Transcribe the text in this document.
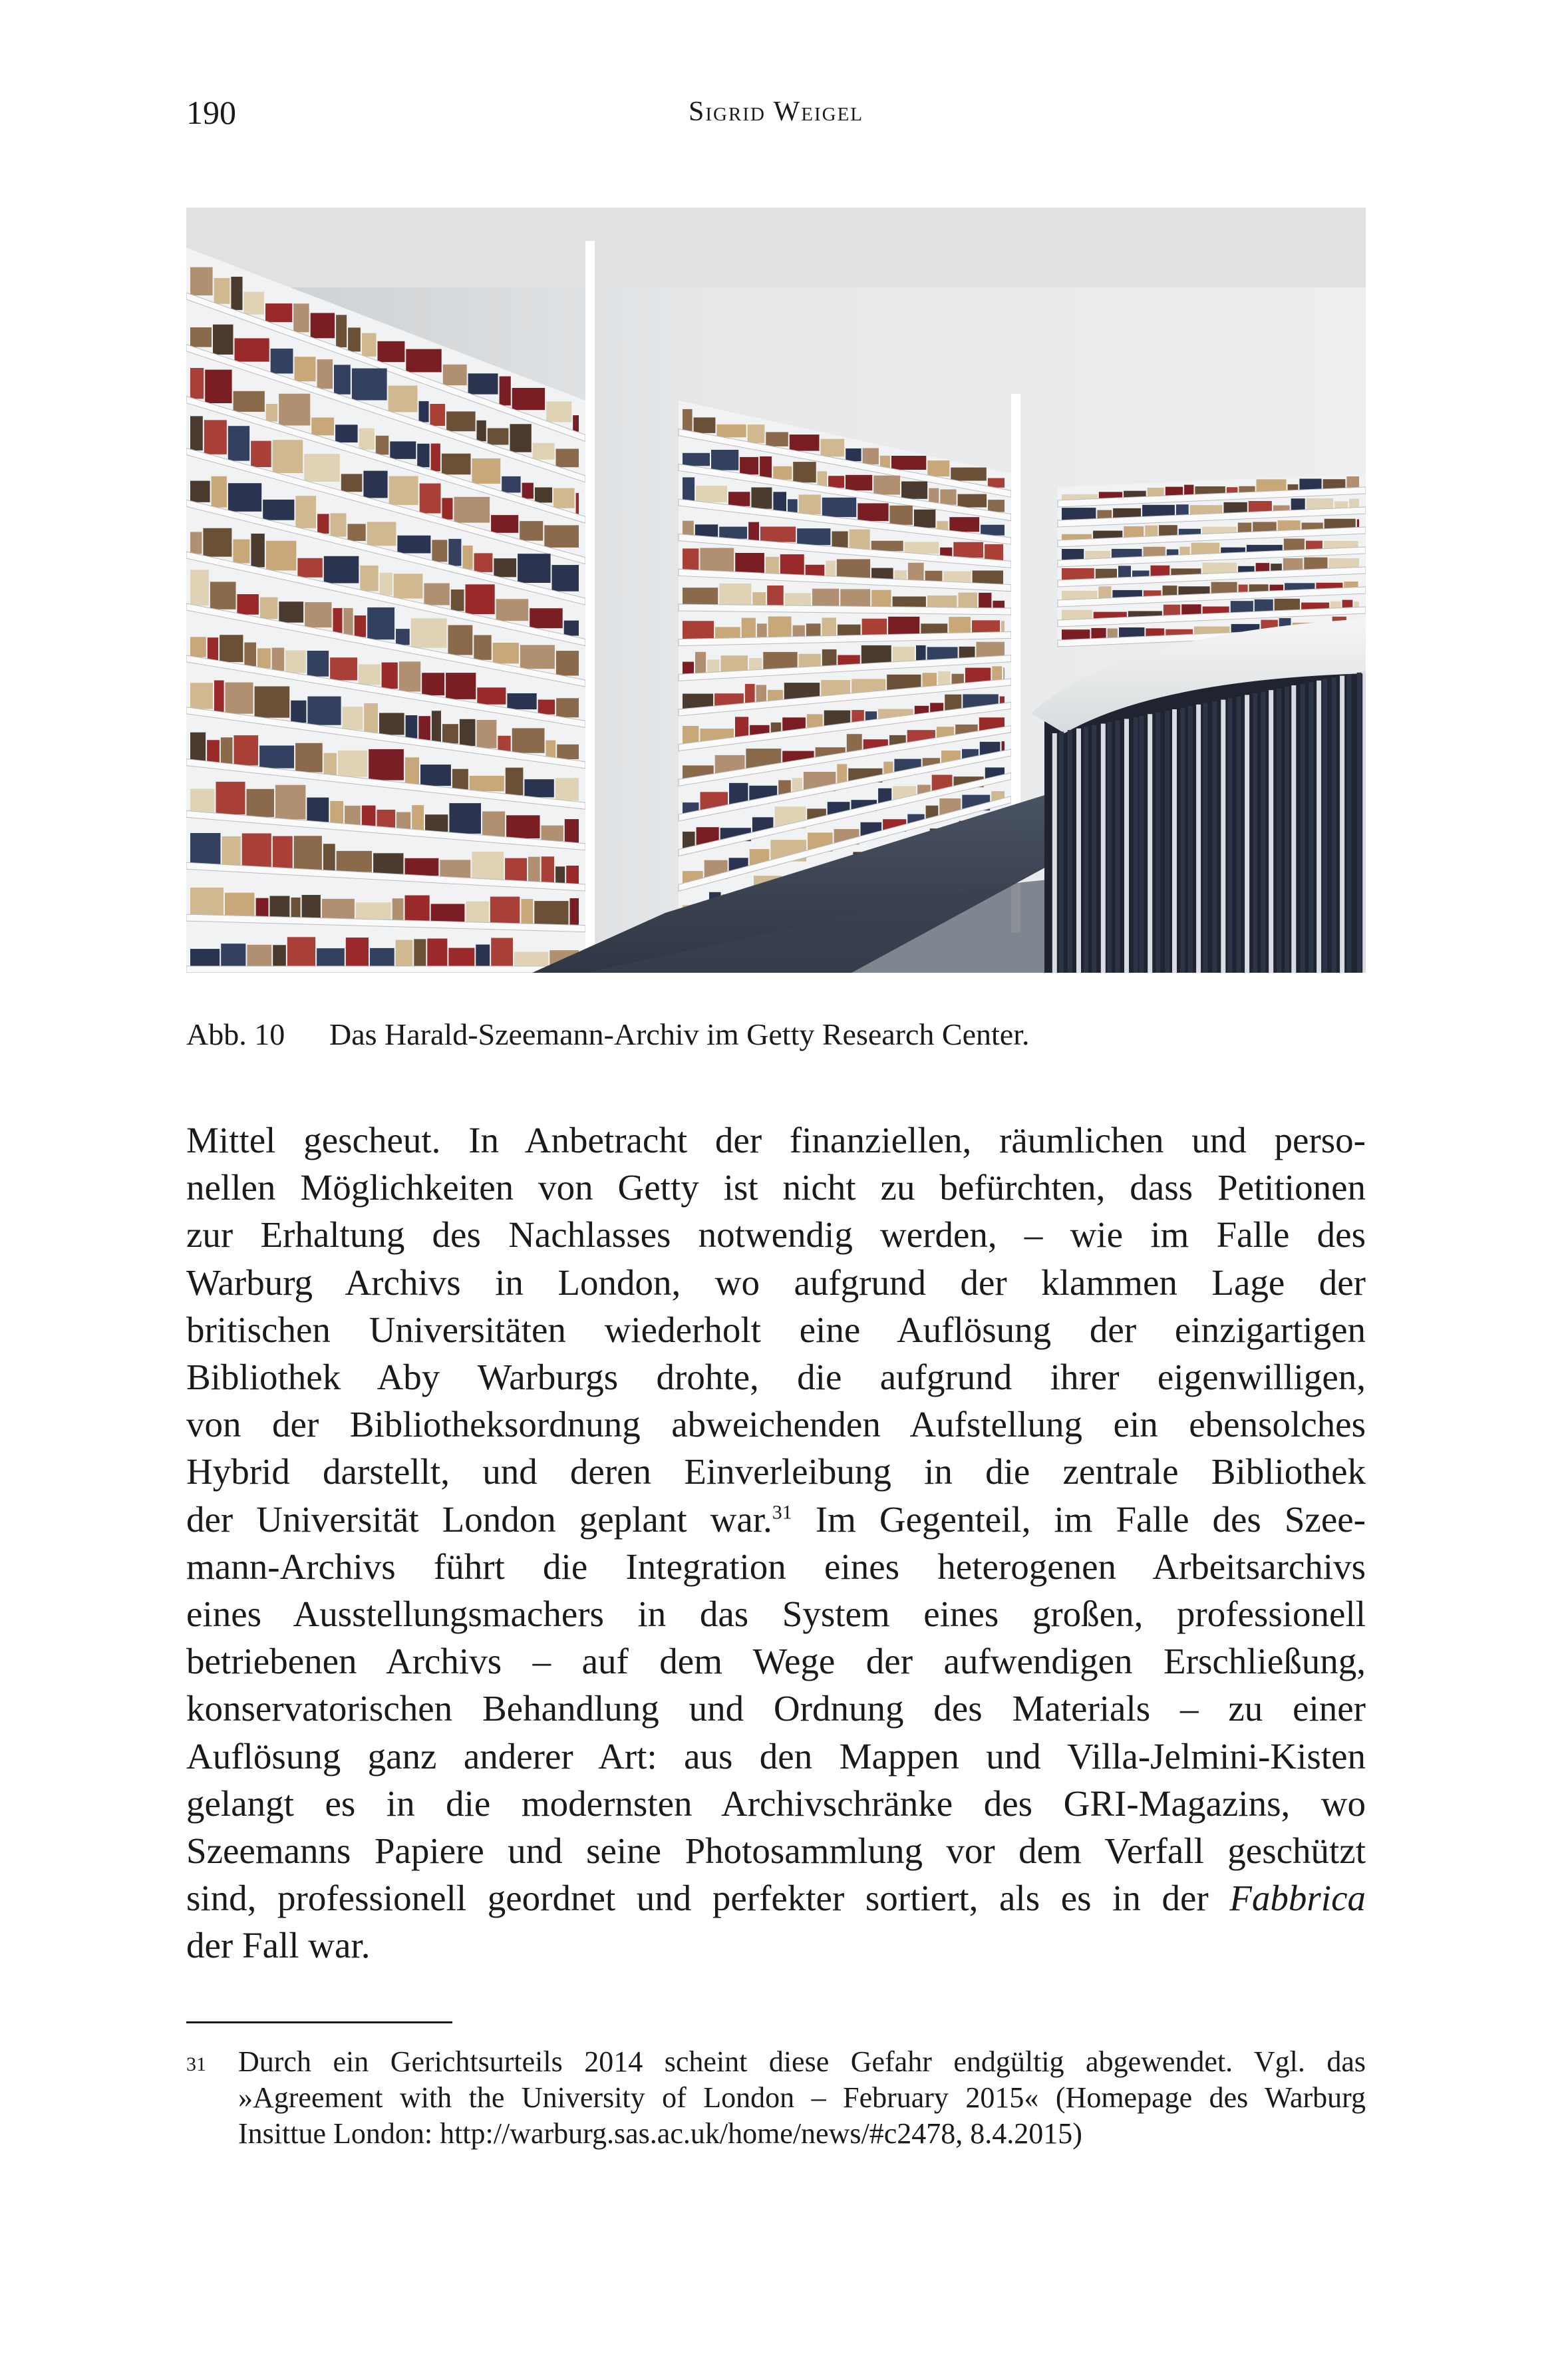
190	Sigrid Weigel
Abb. 10 Das Harald-Szeemann-Archiv im Getty Research Center.
Mittel gescheut. In Anbetracht der finanziellen, räumlichen und perso-
nellen Möglichkeiten von Getty ist nicht zu befürchten, dass Petitionen
zur Erhaltung des Nachlasses notwendig werden, – wie im Falle des
Warburg Archivs in London, wo aufgrund der klammen Lage der
britischen Universitäten wiederholt eine Auflösung der einzigartigen
Bibliothek Aby Warburgs drohte, die aufgrund ihrer eigenwilligen,
von der Bibliotheksordnung abweichenden Aufstellung ein ebensolches
Hybrid darstellt, und deren Einverleibung in die zentrale Bibliothek
der Universität London geplant war.$^{31}$ Im Gegenteil, im Falle des Szee-
mann-Archivs führt die Integration eines heterogenen Arbeitsarchivs
eines Ausstellungsmachers in das System eines großen, professionell
betriebenen Archivs – auf dem Wege der aufwendigen Erschließung,
konservatorischen Behandlung und Ordnung des Materials – zu einer
Auflösung ganz anderer Art: aus den Mappen und Villa-Jelmini-Kisten
gelangt es in die modernsten Archivschränke des GRI-Magazins, wo
Szeemanns Papiere und seine Photosammlung vor dem Verfall geschützt
sind, professionell geordnet und perfekter sortiert, als es in der Fabbrica
der Fall war.
31 Durch ein Gerichtsurteils 2014 scheint diese Gefahr endgültig abgewendet. Vgl. das
»Agreement with the University of London – February 2015« (Homepage des Warburg
Insittue London: http://warburg.sas.ac.uk/home/news/#c2478, 8.4.2015)
